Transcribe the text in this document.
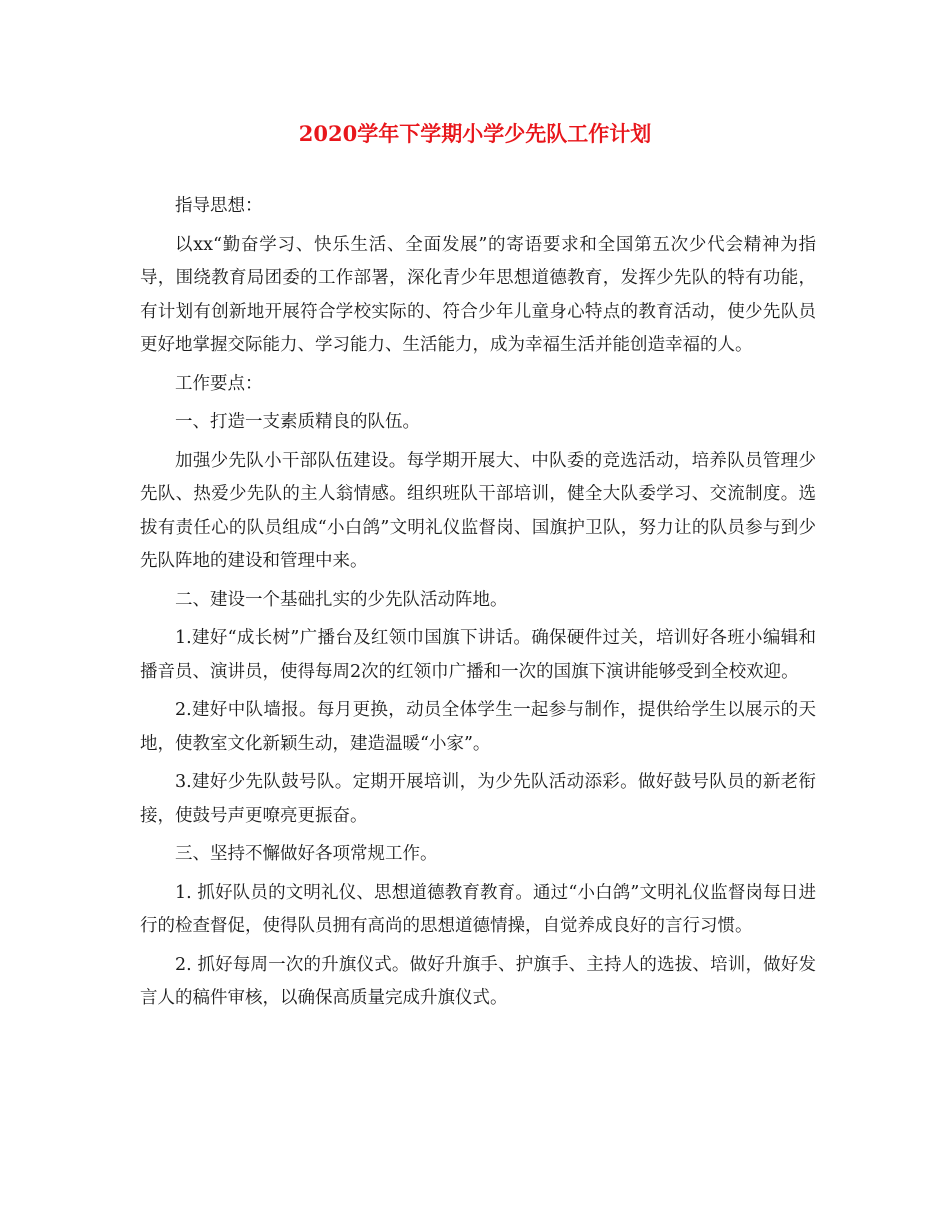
2020学年下学期小学少先队工作计划

指导思想：

以xx“勤奋学习、快乐生活、全面发展”的寄语要求和全国第五次少代会精神为指导，围绕教育局团委的工作部署，深化青少年思想道德教育，发挥少先队的特有功能，有计划有创新地开展符合学校实际的、符合少年儿童身心特点的教育活动，使少先队员更好地掌握交际能力、学习能力、生活能力，成为幸福生活并能创造幸福的人。

工作要点：

一、打造一支素质精良的队伍。

加强少先队小干部队伍建设。每学期开展大、中队委的竞选活动，培养队员管理少先队、热爱少先队的主人翁情感。组织班队干部培训，健全大队委学习、交流制度。选拔有责任心的队员组成“小白鸽”文明礼仪监督岗、国旗护卫队，努力让的队员参与到少先队阵地的建设和管理中来。

二、建设一个基础扎实的少先队活动阵地。

1.建好“成长树”广播台及红领巾国旗下讲话。确保硬件过关，培训好各班小编辑和播音员、演讲员，使得每周2次的红领巾广播和一次的国旗下演讲能够受到全校欢迎。

2.建好中队墙报。每月更换，动员全体学生一起参与制作，提供给学生以展示的天地，使教室文化新颖生动，建造温暖“小家”。

3.建好少先队鼓号队。定期开展培训，为少先队活动添彩。做好鼓号队员的新老衔接，使鼓号声更嘹亮更振奋。

三、坚持不懈做好各项常规工作。

1. 抓好队员的文明礼仪、思想道德教育教育。通过“小白鸽”文明礼仪监督岗每日进行的检查督促，使得队员拥有高尚的思想道德情操，自觉养成良好的言行习惯。

2. 抓好每周一次的升旗仪式。做好升旗手、护旗手、主持人的选拔、培训，做好发言人的稿件审核，以确保高质量完成升旗仪式。
